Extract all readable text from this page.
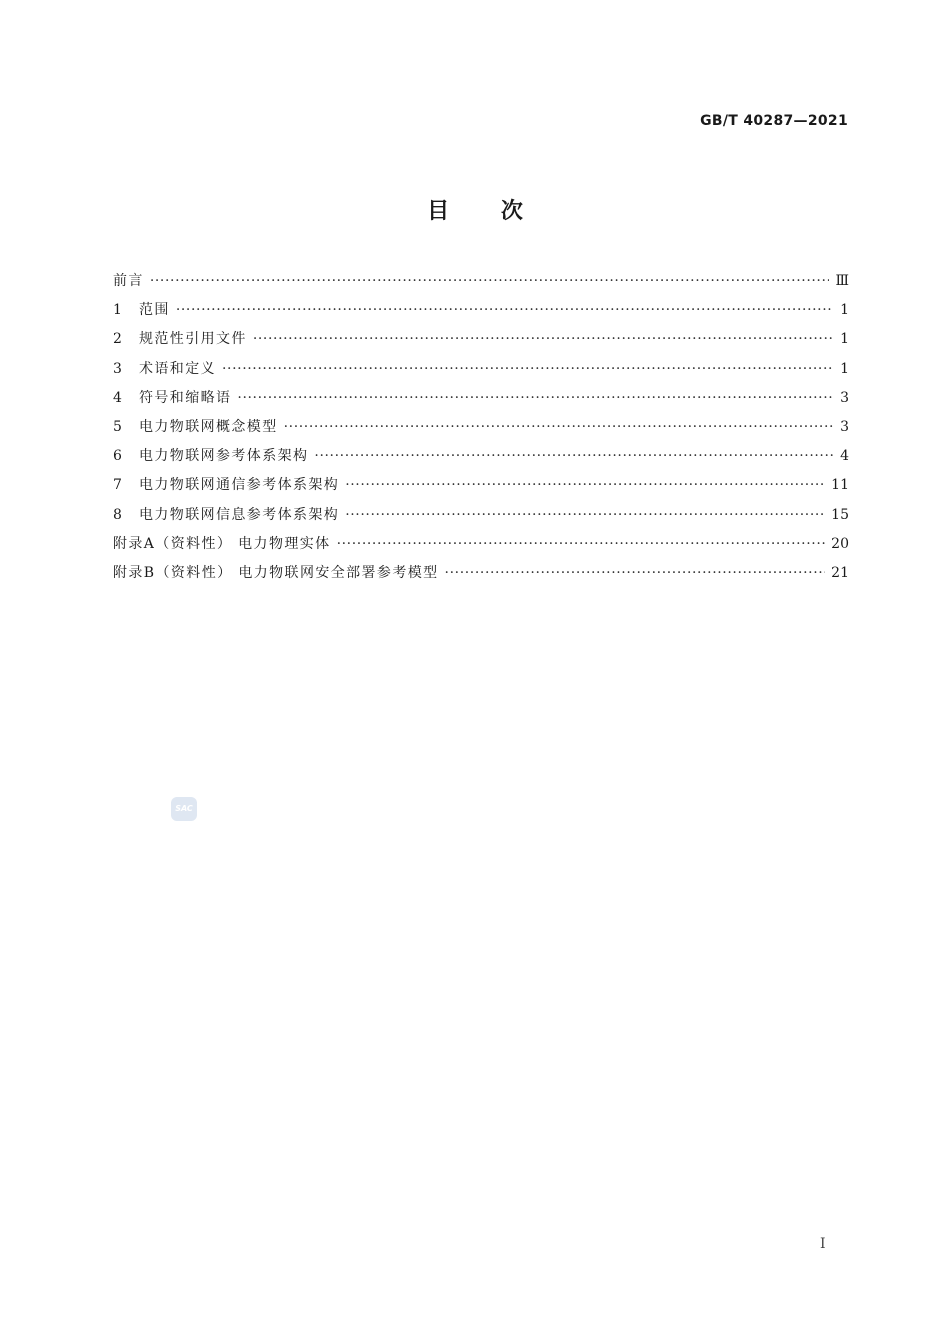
GB/T 40287—2021
目 次
前言 ·····	Ⅲ
1	范围 ·····	1
2	规范性引用文件 ·····	1
3	术语和定义 ·····	1
4	符号和缩略语 ·····	3
5	电力物联网概念模型 ·····	3
6	电力物联网参考体系架构 ·····	4
7	电力物联网通信参考体系架构 ·····	11
8	电力物联网信息参考体系架构 ·····	15
附录A（资料性） 电力物理实体 ·····	20
附录B（资料性） 电力物联网安全部署参考模型 ·····	21
SAC
I
